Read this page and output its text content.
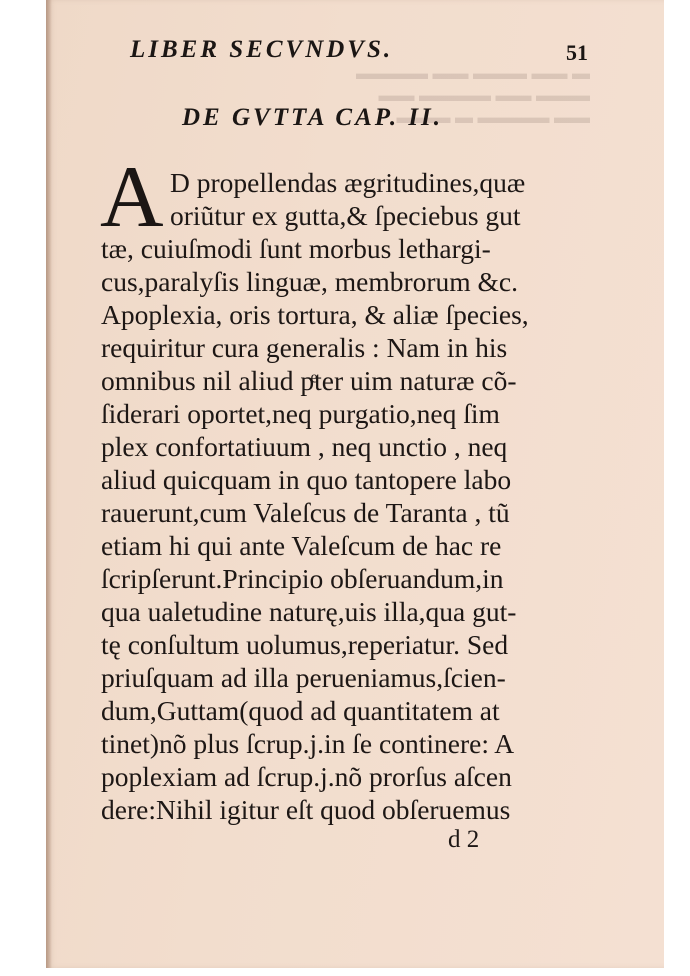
▬ ▬▬ ▬▬▬ ▬▬ ▬▬▬▬
▬▬▬ ▬▬ ▬▬▬▬ ▬▬
▬▬ ▬▬▬▬ ▬ ▬▬▬
LIBER SECVNDVS.	51
DE GVTTA CAP. II.
A D propellendas ægritudines,quæ
oriũtur ex gutta,& ſpeciebus gut
tæ, cuiuſmodi ſunt morbus lethargi-
cus,paralyſis linguæ, membrorum &c.
Apoplexia, oris tortura, & aliæ ſpecies,
requiritur cura generalis : Nam in his
omnibus nil aliud pͤter uim naturæ cõ-
ſiderari oportet,neq purgatio,neq ſim
plex confortatiuum , neq unctio , neq
aliud quicquam in quo tantopere labo
rauerunt,cum Valeſcus de Taranta , tũ
etiam hi qui ante Valeſcum de hac re
ſcripſerunt.Principio obſeruandum,in
qua ualetudine naturę,uis illa,qua gut-
tę conſultum uolumus,reperiatur. Sed
priuſquam ad illa perueniamus,ſcien-
dum,Guttam(quod ad quantitatem at
tinet)nõ plus ſcrup.j.in ſe continere: A
poplexiam ad ſcrup.j.nõ prorſus aſcen
dere:Nihil igitur eſt quod obſeruemus
d 2
